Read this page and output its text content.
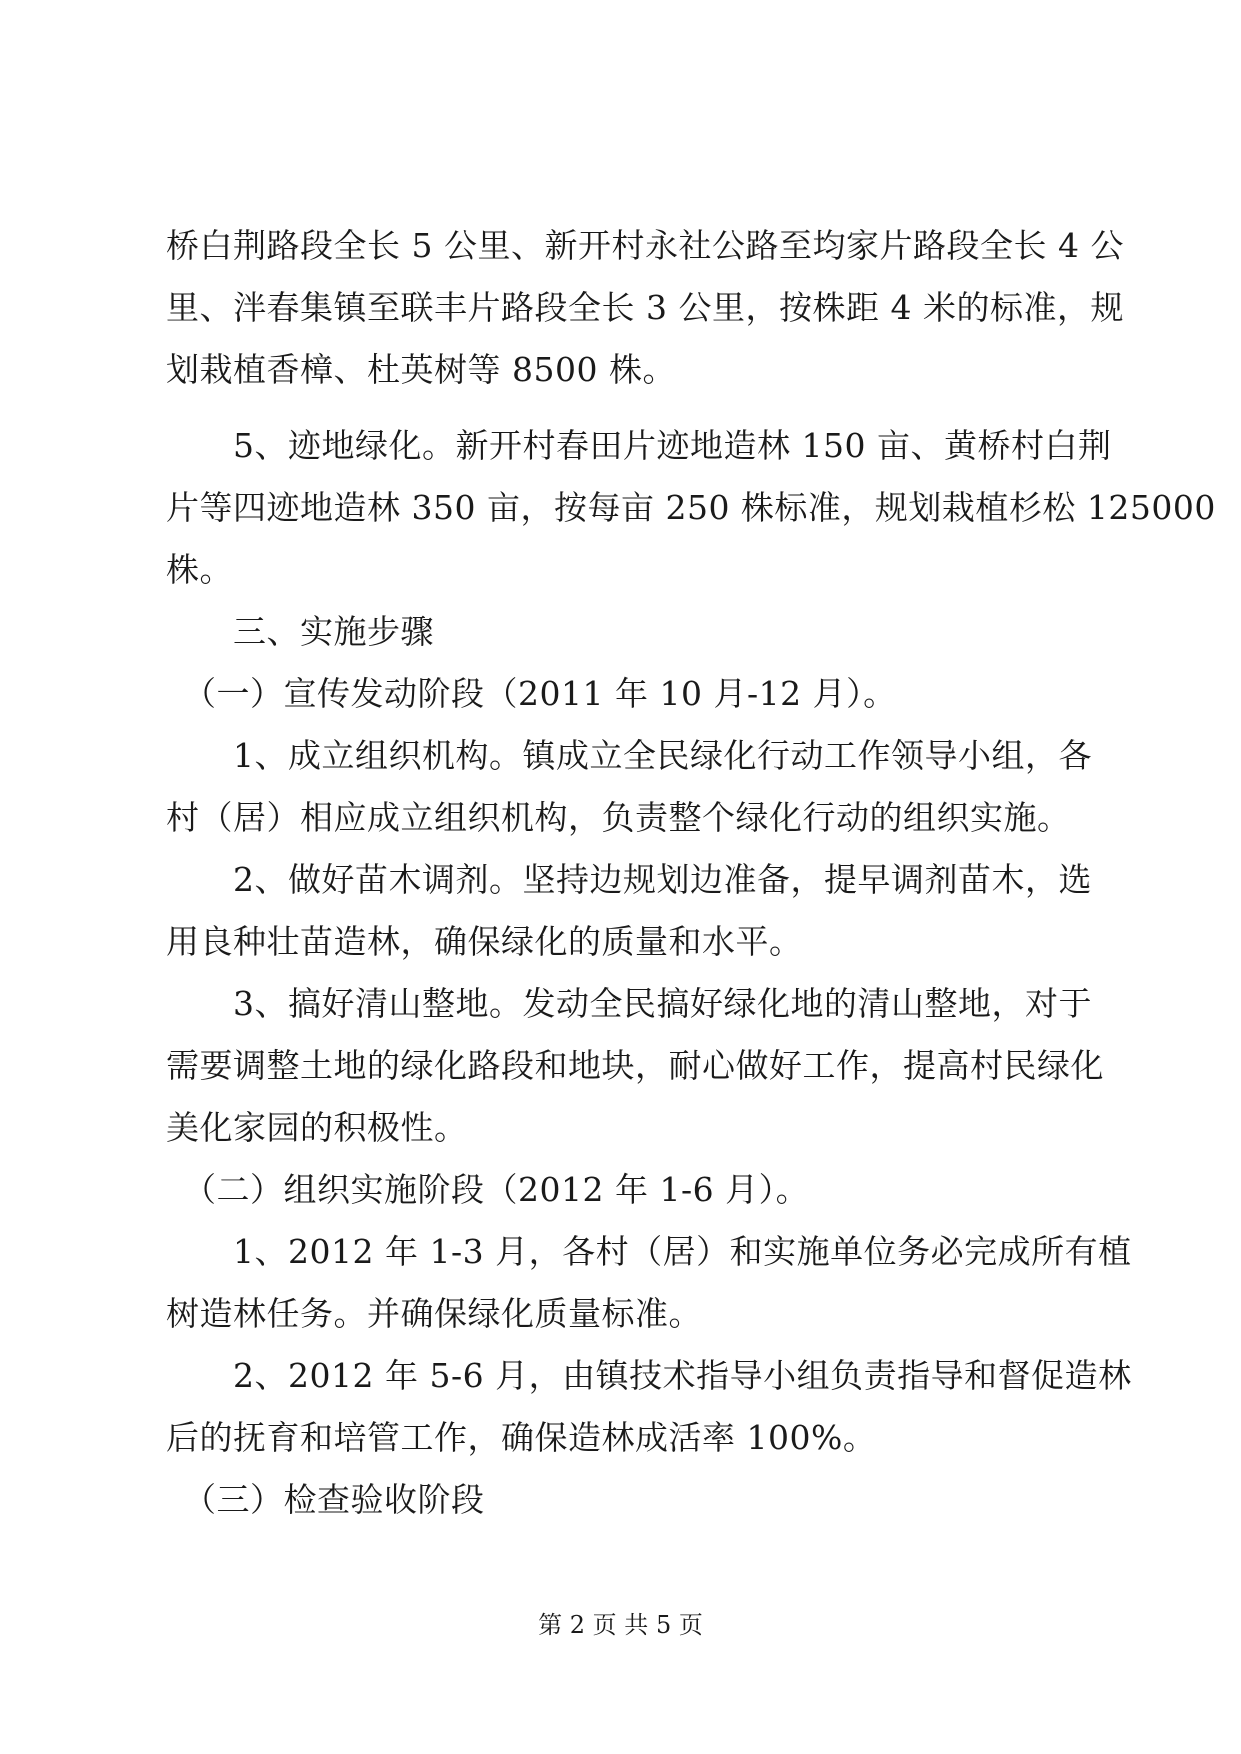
桥白荆路段全长 5 公里、新开村永社公路至均家片路段全长 4 公
里、泮春集镇至联丰片路段全长 3 公里，按株距 4 米的标准，规
划栽植香樟、杜英树等 8500 株。
　　5、迹地绿化。新开村春田片迹地造林 150 亩、黄桥村白荆
片等四迹地造林 350 亩，按每亩 250 株标准，规划栽植杉松 125000
株。
　　三、实施步骤
　（一）宣传发动阶段（2011 年 10 月-12 月）。
　　1、成立组织机构。镇成立全民绿化行动工作领导小组，各
村（居）相应成立组织机构，负责整个绿化行动的组织实施。
　　2、做好苗木调剂。坚持边规划边准备，提早调剂苗木，选
用良种壮苗造林，确保绿化的质量和水平。
　　3、搞好清山整地。发动全民搞好绿化地的清山整地，对于
需要调整土地的绿化路段和地块，耐心做好工作，提高村民绿化
美化家园的积极性。
　（二）组织实施阶段（2012 年 1-6 月）。
　　1、2012 年 1-3 月，各村（居）和实施单位务必完成所有植
树造林任务。并确保绿化质量标准。
　　2、2012 年 5-6 月，由镇技术指导小组负责指导和督促造林
后的抚育和培管工作，确保造林成活率 100%。
　（三）检查验收阶段
第 2 页 共 5 页
